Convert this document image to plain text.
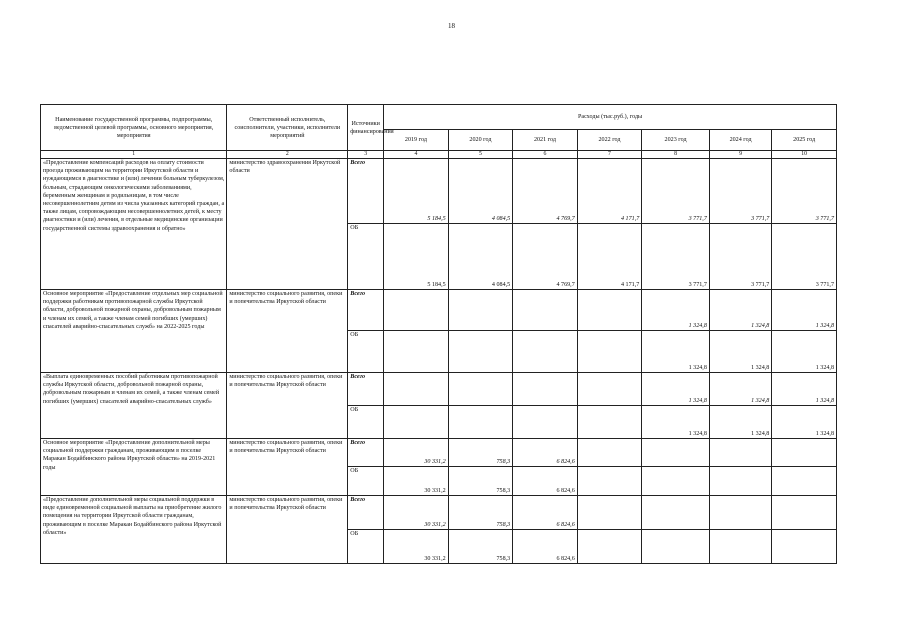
18
Наименование государственной программы, подпрограммы, ведомственной целевой программы, основного мероприятия, мероприятия	Ответственный исполнитель, соисполнители, участники, исполнители мероприятий	Источники финансирования	Расходы (тыс.руб.), годы						
			2019 год	2020 год	2021 год	2022 год	2023 год	2024 год	2025 год
1	2	3	4	5	6	7	8	9	10
«Предоставление компенсаций расходов на оплату стоимости проезда проживающим на территории Иркутской области и нуждающимся в диагностике и (или) лечении больным туберкулезом, больным, страдающим онкологическими заболеваниями, беременным женщинам и родильницам, в том числе несовершеннолетним детям из числа указанных категорий граждан, а также лицам, сопровождающим несовершеннолетних детей, к месту диагностики и (или) лечения, в отдельные медицинские организации государственной системы здравоохранения и обратно»	министерство здравоохранения Иркутской области	Всего	5 184,5	4 084,5	4 769,7	4 171,7	3 771,7	3 771,7	3 771,7
		ОБ	5 184,5	4 084,5	4 769,7	4 171,7	3 771,7	3 771,7	3 771,7
Основное мероприятие «Предоставление отдельных мер социальной поддержки работникам противопожарной службы Иркутской области, добровольной пожарной охраны, добровольным пожарным и членам их семей, а также членам семей погибших (умерших) спасателей аварийно-спасательных служб» на 2022-2025 годы	министерство социального развития, опеки и попечительства Иркутской области	Всего					1 324,8	1 324,8	1 324,8
		ОБ					1 324,8	1 324,8	1 324,8
«Выплата единовременных пособий работникам противопожарной службы Иркутской области, добровольной пожарной охраны, добровольным пожарным и членам их семей, а также членам семей погибших (умерших) спасателей аварийно-спасательных служб»	министерство социального развития, опеки и попечительства Иркутской области	Всего					1 324,8	1 324,8	1 324,8
		ОБ					1 324,8	1 324,8	1 324,8
Основное мероприятие «Предоставление дополнительной меры социальной поддержки гражданам, проживающим в поселке Маракан Бодайбинского района Иркутской области» на 2019-2021 годы	министерство социального развития, опеки и попечительства Иркутской области	Всего	30 331,2	758,3	6 824,6				
		ОБ	30 331,2	758,3	6 824,6				
«Предоставление дополнительной меры социальной поддержки в виде единовременной социальной выплаты на приобретение жилого помещения на территории Иркутской области гражданам, проживающим в поселке Маракан Бодайбинского района Иркутской области»	министерство социального развития, опеки и попечительства Иркутской области	Всего	30 331,2	758,3	6 824,6				
		ОБ	30 331,2	758,3	6 824,6				
